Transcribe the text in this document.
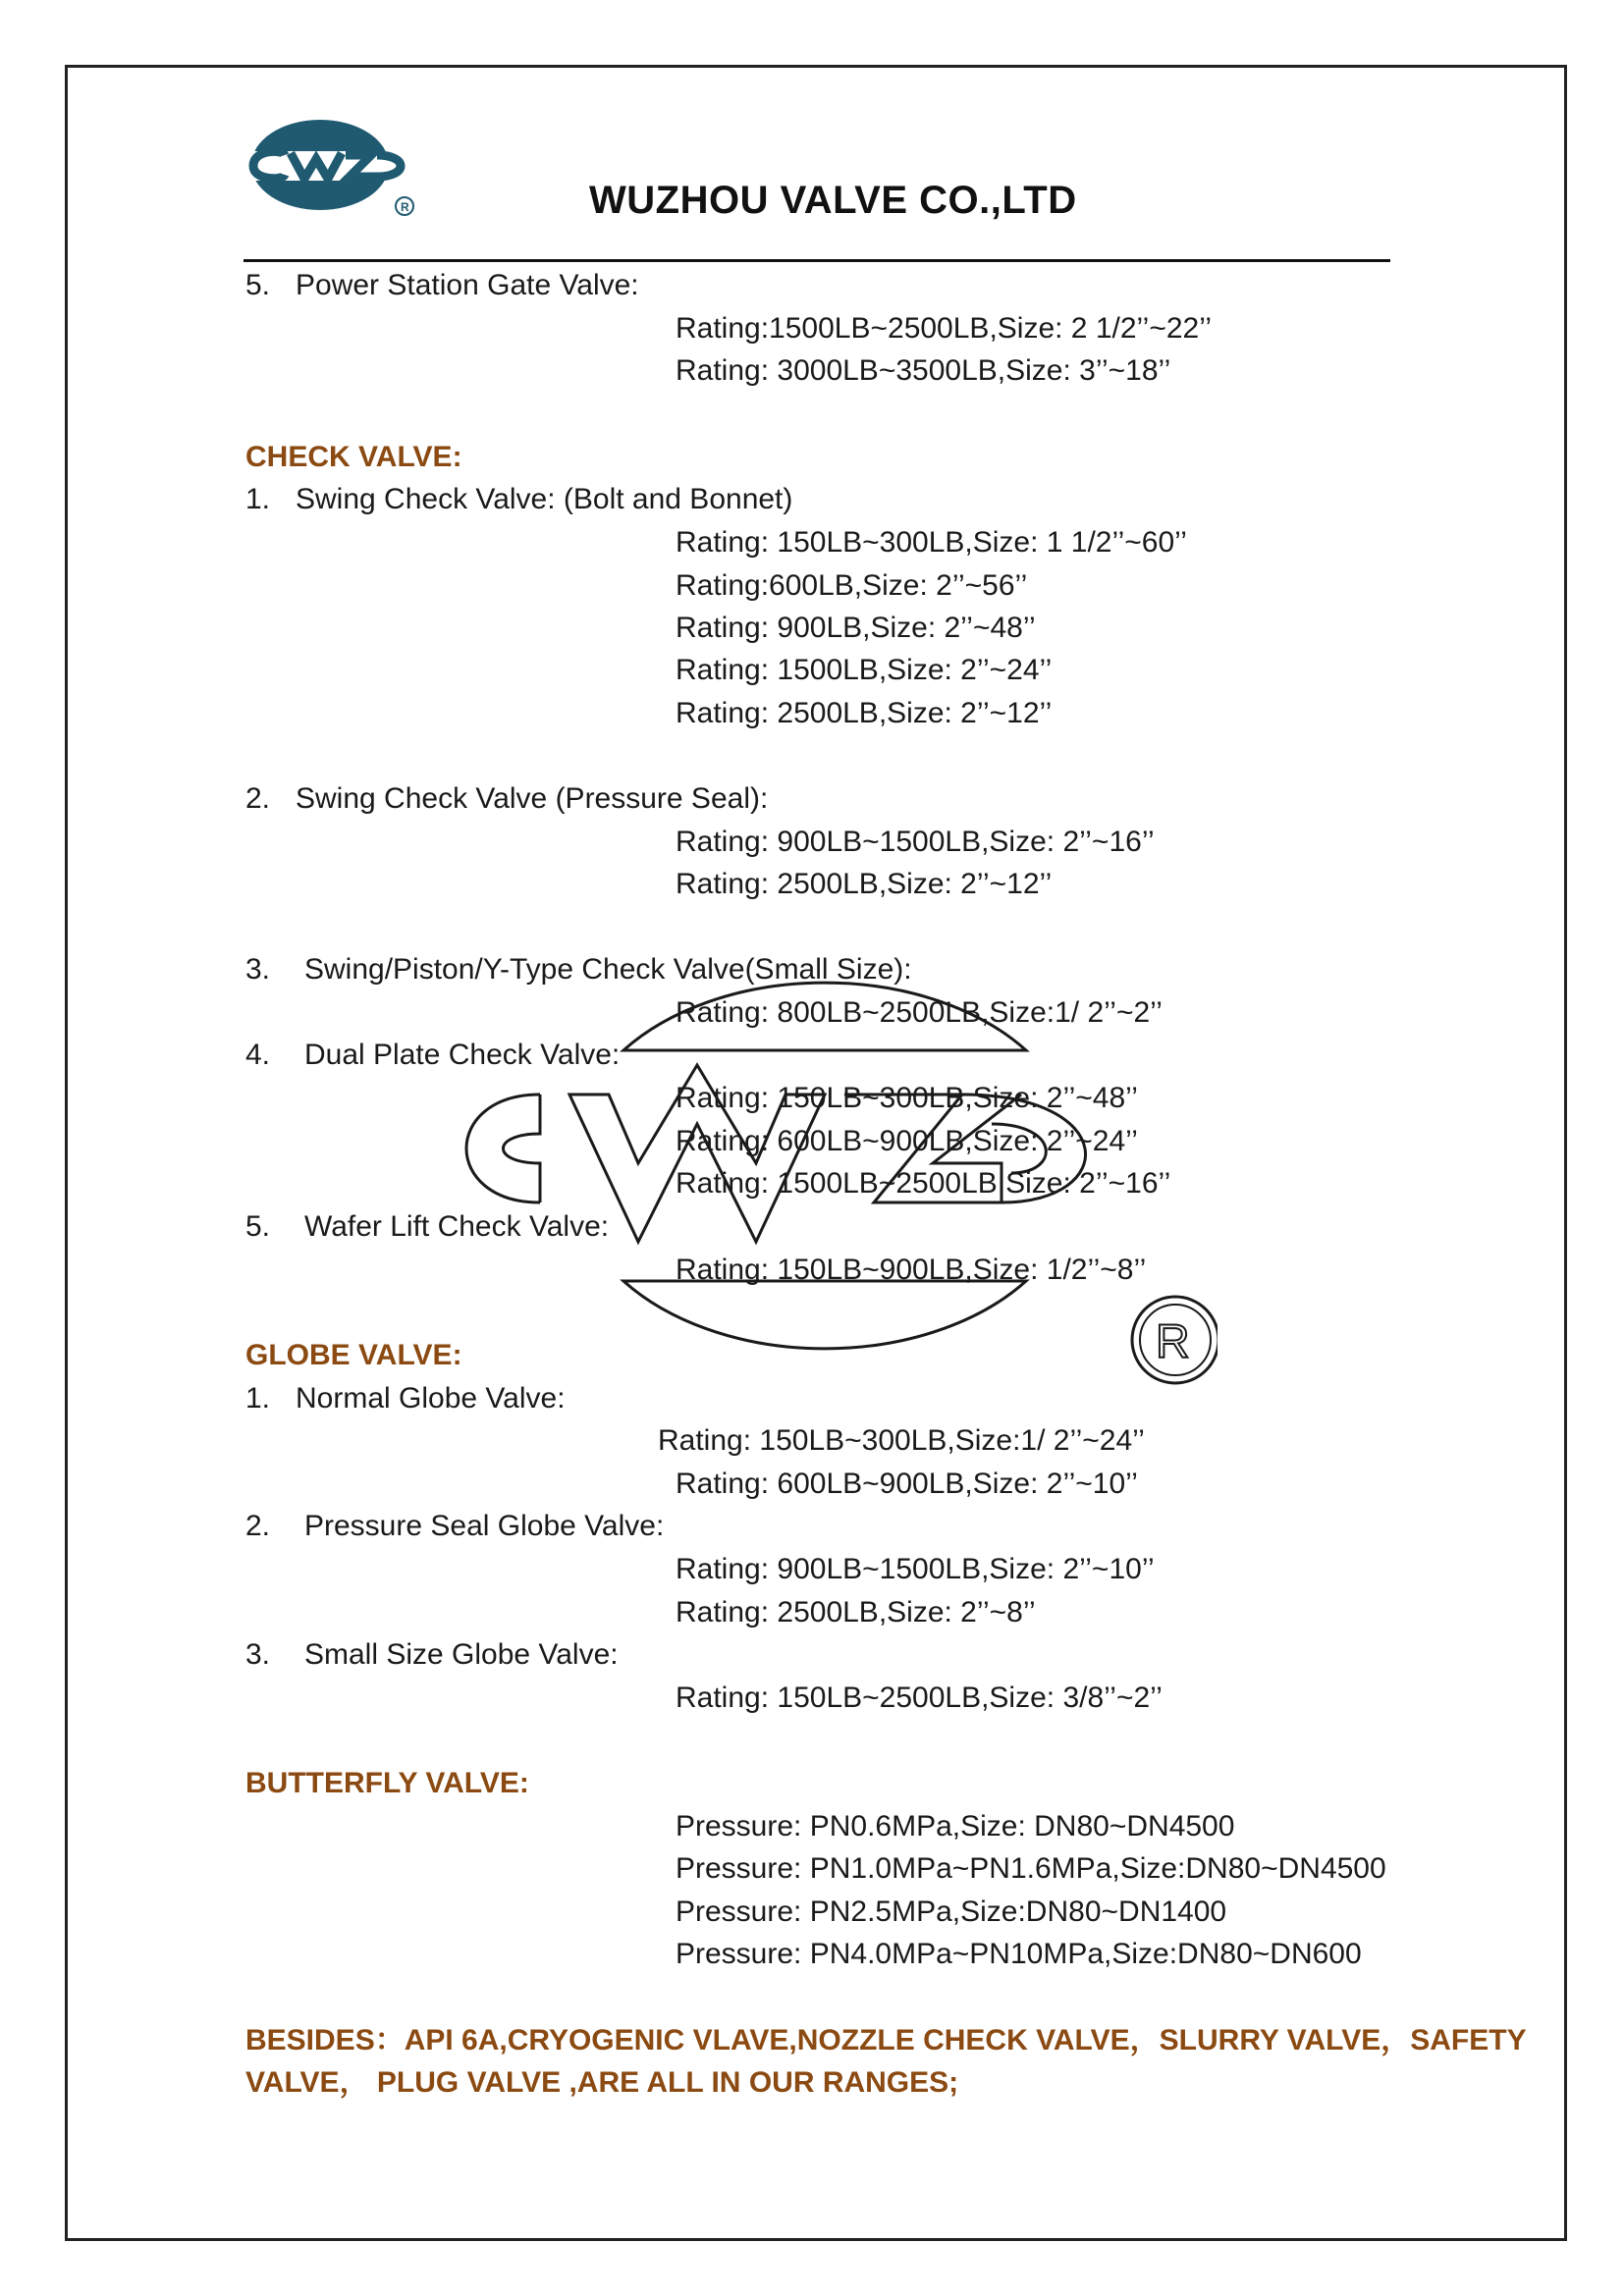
R	WUZHOU VALVE CO.,LTD
R
5. Power Station Gate Valve:
Rating:1500LB~2500LB,Size: 2 1/2’’~22’’
Rating: 3000LB~3500LB,Size: 3’’~18’’
CHECK VALVE:
1. Swing Check Valve: (Bolt and Bonnet)
Rating: 150LB~300LB,Size: 1 1/2’’~60’’
Rating:600LB,Size: 2’’~56’’
Rating: 900LB,Size: 2’’~48’’
Rating: 1500LB,Size: 2’’~24’’
Rating: 2500LB,Size: 2’’~12’’
2. Swing Check Valve (Pressure Seal):
Rating: 900LB~1500LB,Size: 2’’~16’’
Rating: 2500LB,Size: 2’’~12’’
3. Swing/Piston/Y-Type Check Valve(Small Size):
Rating: 800LB~2500LB,Size:1/ 2’’~2’’
4. Dual Plate Check Valve:
Rating: 150LB~300LB,Size: 2’’~48’’
Rating: 600LB~900LB,Size: 2’’~24’’
Rating: 1500LB~2500LB,Size: 2’’~16’’
5. Wafer Lift Check Valve:
Rating: 150LB~900LB,Size: 1/2’’~8’’
GLOBE VALVE:
1. Normal Globe Valve:
Rating: 150LB~300LB,Size:1/ 2’’~24’’
Rating: 600LB~900LB,Size: 2’’~10’’
2. Pressure Seal Globe Valve:
Rating: 900LB~1500LB,Size: 2’’~10’’
Rating: 2500LB,Size: 2’’~8’’
3. Small Size Globe Valve:
Rating: 150LB~2500LB,Size: 3/8’’~2’’
BUTTERFLY VALVE:
Pressure: PN0.6MPa,Size: DN80~DN4500
Pressure: PN1.0MPa~PN1.6MPa,Size:DN80~DN4500
Pressure: PN2.5MPa,Size:DN80~DN1400
Pressure: PN4.0MPa~PN10MPa,Size:DN80~DN600
BESIDES：API 6A,CRYOGENIC VLAVE,NOZZLE CHECK VALVE，SLURRY VALVE，SAFETY
VALVE， PLUG VALVE ,ARE ALL IN OUR RANGES;
